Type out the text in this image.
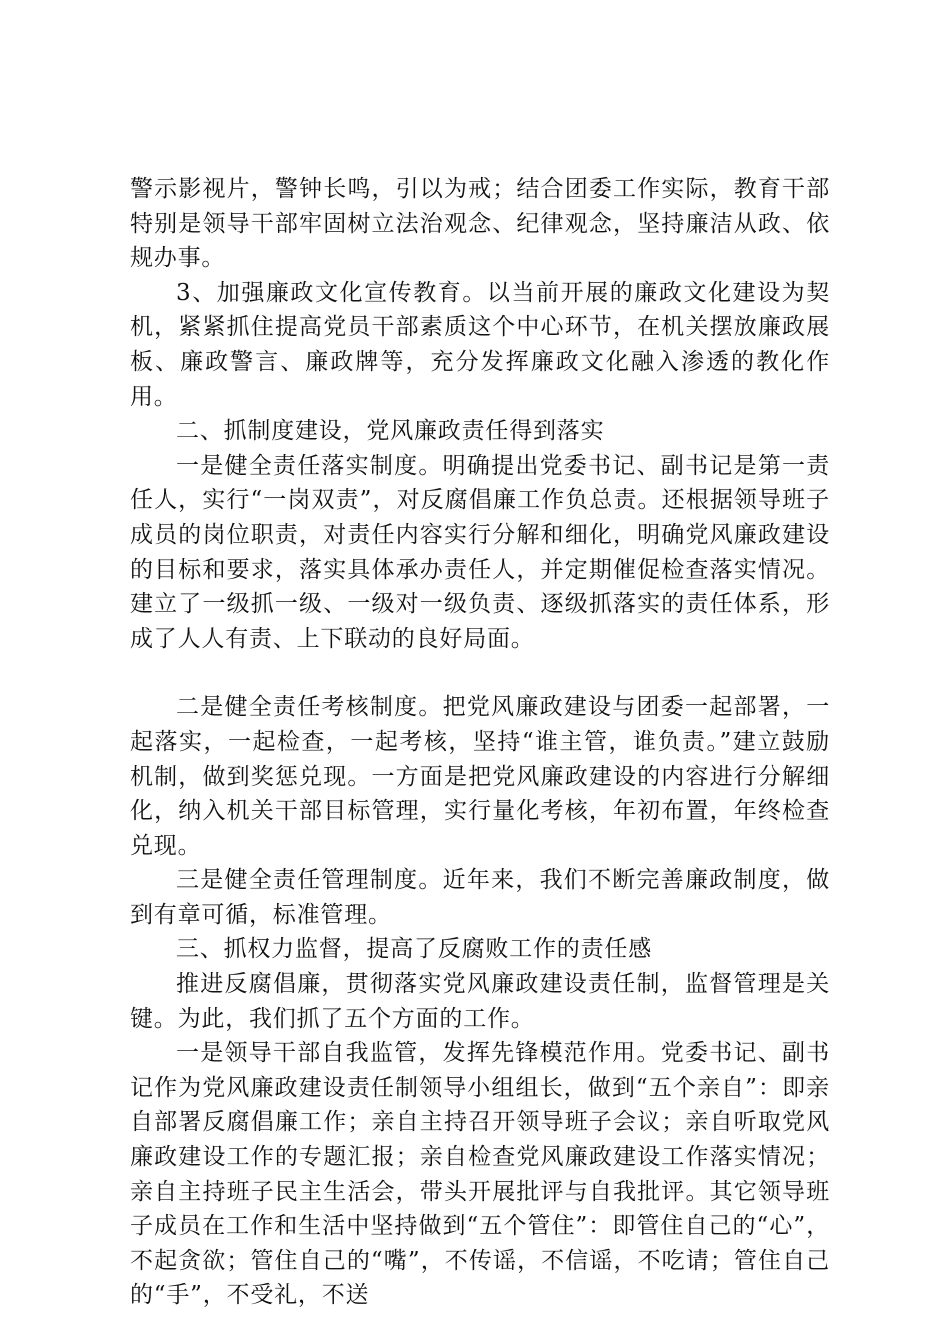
警示影视片，警钟长鸣，引以为戒；结合团委工作实际，教育干部特别是领导干部牢固树立法治观念、纪律观念，坚持廉洁从政、依规办事。

3、加强廉政文化宣传教育。以当前开展的廉政文化建设为契机，紧紧抓住提高党员干部素质这个中心环节，在机关摆放廉政展板、廉政警言、廉政牌等，充分发挥廉政文化融入渗透的教化作用。

二、抓制度建设，党风廉政责任得到落实

一是健全责任落实制度。明确提出党委书记、副书记是第一责任人，实行“一岗双责”，对反腐倡廉工作负总责。还根据领导班子成员的岗位职责，对责任内容实行分解和细化，明确党风廉政建设的目标和要求，落实具体承办责任人，并定期催促检查落实情况。建立了一级抓一级、一级对一级负责、逐级抓落实的责任体系，形成了人人有责、上下联动的良好局面。

二是健全责任考核制度。把党风廉政建设与团委一起部署，一起落实，一起检查，一起考核，坚持“谁主管，谁负责。”建立鼓励机制，做到奖惩兑现。一方面是把党风廉政建设的内容进行分解细化，纳入机关干部目标管理，实行量化考核，年初布置，年终检查兑现。

三是健全责任管理制度。近年来，我们不断完善廉政制度，做到有章可循，标准管理。

三、抓权力监督，提高了反腐败工作的责任感

推进反腐倡廉，贯彻落实党风廉政建设责任制，监督管理是关键。为此，我们抓了五个方面的工作。

一是领导干部自我监管，发挥先锋模范作用。党委书记、副书记作为党风廉政建设责任制领导小组组长，做到“五个亲自”：即亲自部署反腐倡廉工作；亲自主持召开领导班子会议；亲自听取党风廉政建设工作的专题汇报；亲自检查党风廉政建设工作落实情况；亲自主持班子民主生活会，带头开展批评与自我批评。其它领导班子成员在工作和生活中坚持做到“五个管住”：即管住自己的“心”，不起贪欲；管住自己的“嘴”，不传谣，不信谣，不吃请；管住自己的“手”，不受礼，不送
